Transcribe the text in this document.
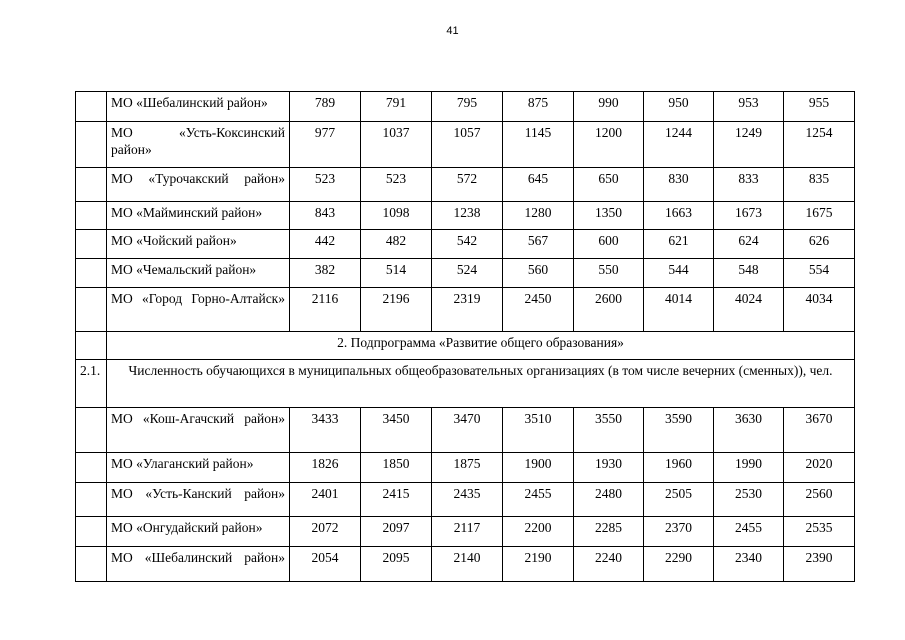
41
	МО «Шебалинский район»	789	791	795	875	990	950	953	955
	МО «Усть-Коксинский район»	977	1037	1057	1145	1200	1244	1249	1254
	МО «Турочакский район»	523	523	572	645	650	830	833	835
	МО «Майминский район»	843	1098	1238	1280	1350	1663	1673	1675
	МО «Чойский район»	442	482	542	567	600	621	624	626
	МО «Чемальский район»	382	514	524	560	550	544	548	554
	МО «Город Горно-Алтайск»	2116	2196	2319	2450	2600	4014	4024	4034
	2. Подпрограмма «Развитие общего образования»								
2.1.	Численность обучающихся в муниципальных общеобразовательных организациях (в том числе вечерних (сменных)), чел.								
	МО «Кош-Агачский район»	3433	3450	3470	3510	3550	3590	3630	3670
	МО «Улаганский район»	1826	1850	1875	1900	1930	1960	1990	2020
	МО «Усть-Канский район»	2401	2415	2435	2455	2480	2505	2530	2560
	МО «Онгудайский район»	2072	2097	2117	2200	2285	2370	2455	2535
	МО «Шебалинский район»	2054	2095	2140	2190	2240	2290	2340	2390
